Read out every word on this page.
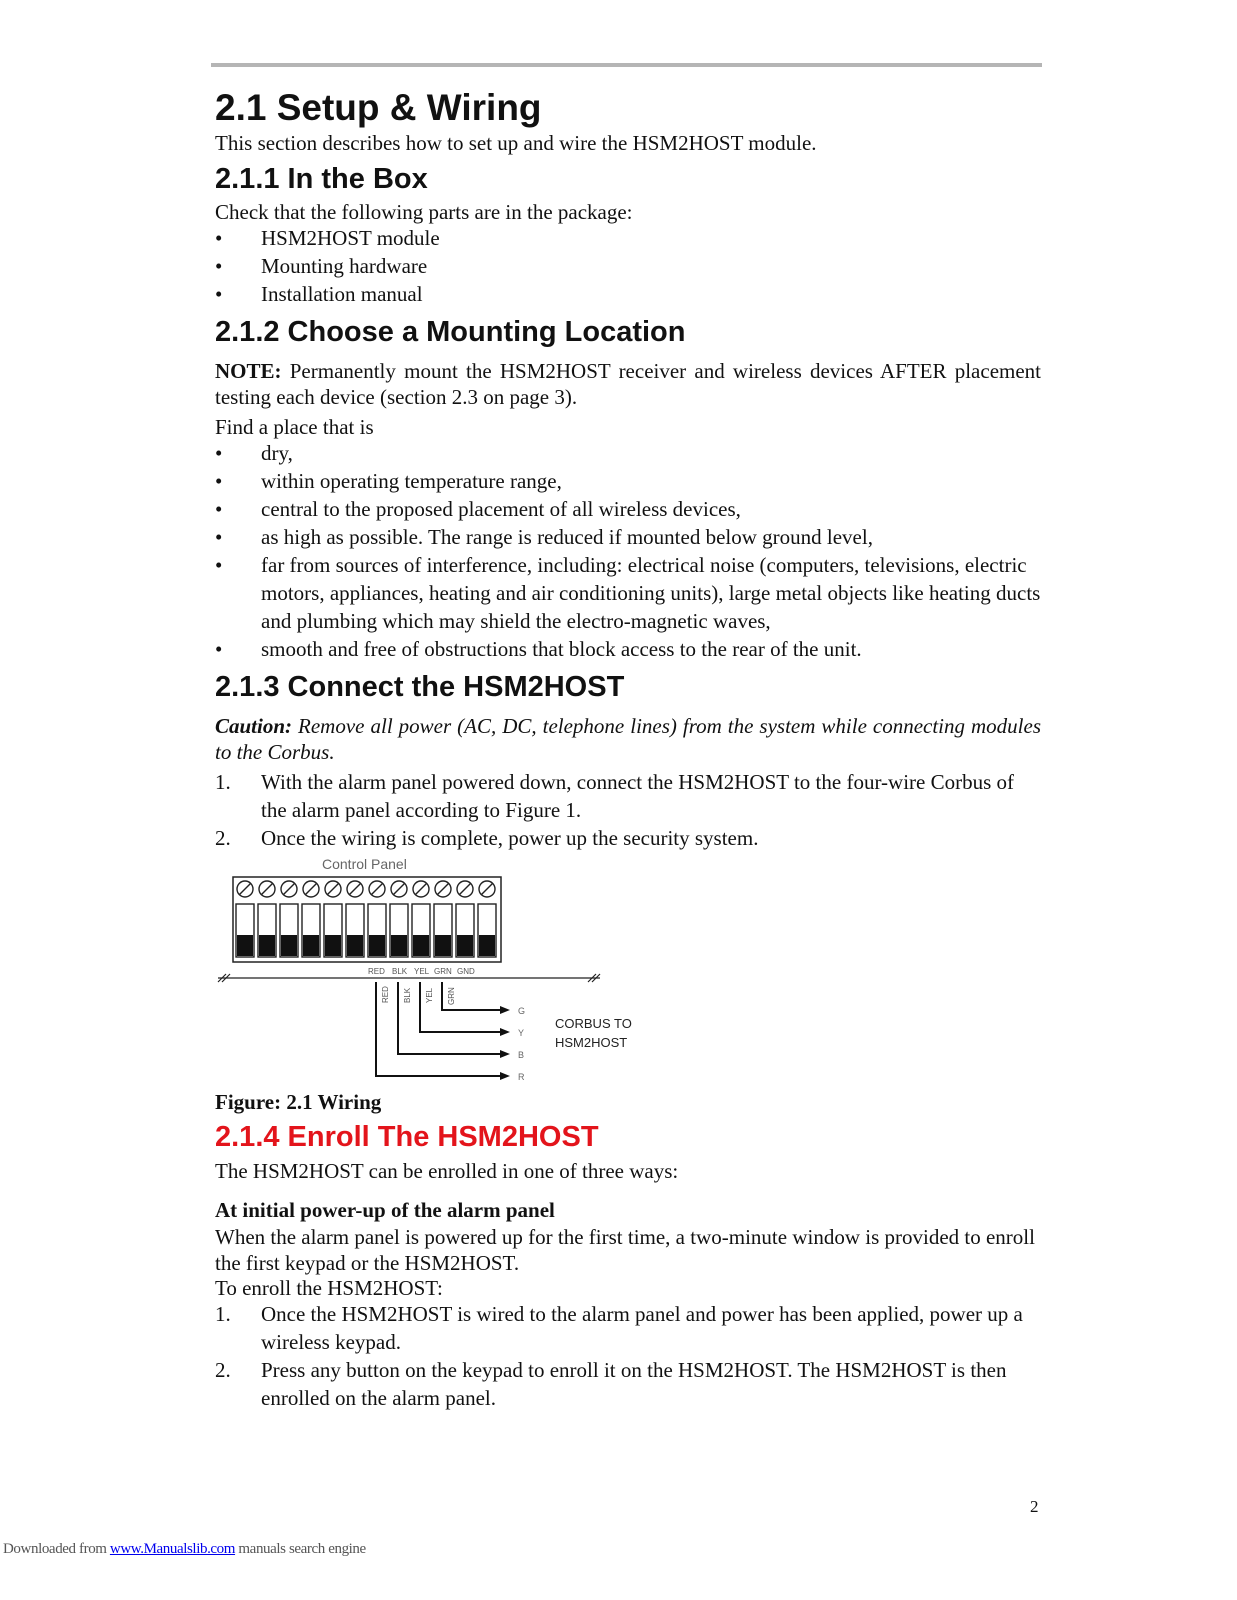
2.1 Setup & Wiring

This section describes how to set up and wire the HSM2HOST module.

2.1.1 In the Box

Check that the following parts are in the package:

•	HSM2HOST module
•	Mounting hardware
•	Installation manual
2.1.2 Choose a Mounting Location

NOTE: Permanently mount the HSM2HOST receiver and wireless devices AFTER placement testing each device (section 2.3 on page 3).

Find a place that is

•	dry,
•	within operating temperature range,
•	central to the proposed placement of all wireless devices,
•	as high as possible. The range is reduced if mounted below ground level,
•	far from sources of interference, including: electrical noise (computers, televisions, electric motors, appliances, heating and air conditioning units), large metal objects like heating ducts and plumbing which may shield the electro-magnetic waves,
•	smooth and free of obstructions that block access to the rear of the unit.
2.1.3 Connect the HSM2HOST

Caution: Remove all power (AC, DC, telephone lines) from the system while connecting modules to the Corbus.

1.	With the alarm panel powered down, connect the HSM2HOST to the four-wire Corbus of the alarm panel according to Figure 1.
2.	Once the wiring is complete, power up the security system.
Control Panel
RED BLK YEL GRN GND
RED BLK YEL GRN
G
Y
B
R
CORBUS TO
HSM2HOST

Figure: 2.1 Wiring

2.1.4 Enroll The HSM2HOST

The HSM2HOST can be enrolled in one of three ways:

At initial power-up of the alarm panel

When the alarm panel is powered up for the first time, a two-minute window is provided to enroll the first keypad or the HSM2HOST.

To enroll the HSM2HOST:

1.	Once the HSM2HOST is wired to the alarm panel and power has been applied, power up a wireless keypad.
2.	Press any button on the keypad to enroll it on the HSM2HOST. The HSM2HOST is then enrolled on the alarm panel.
2
Downloaded from www.Manualslib.com manuals search engine
